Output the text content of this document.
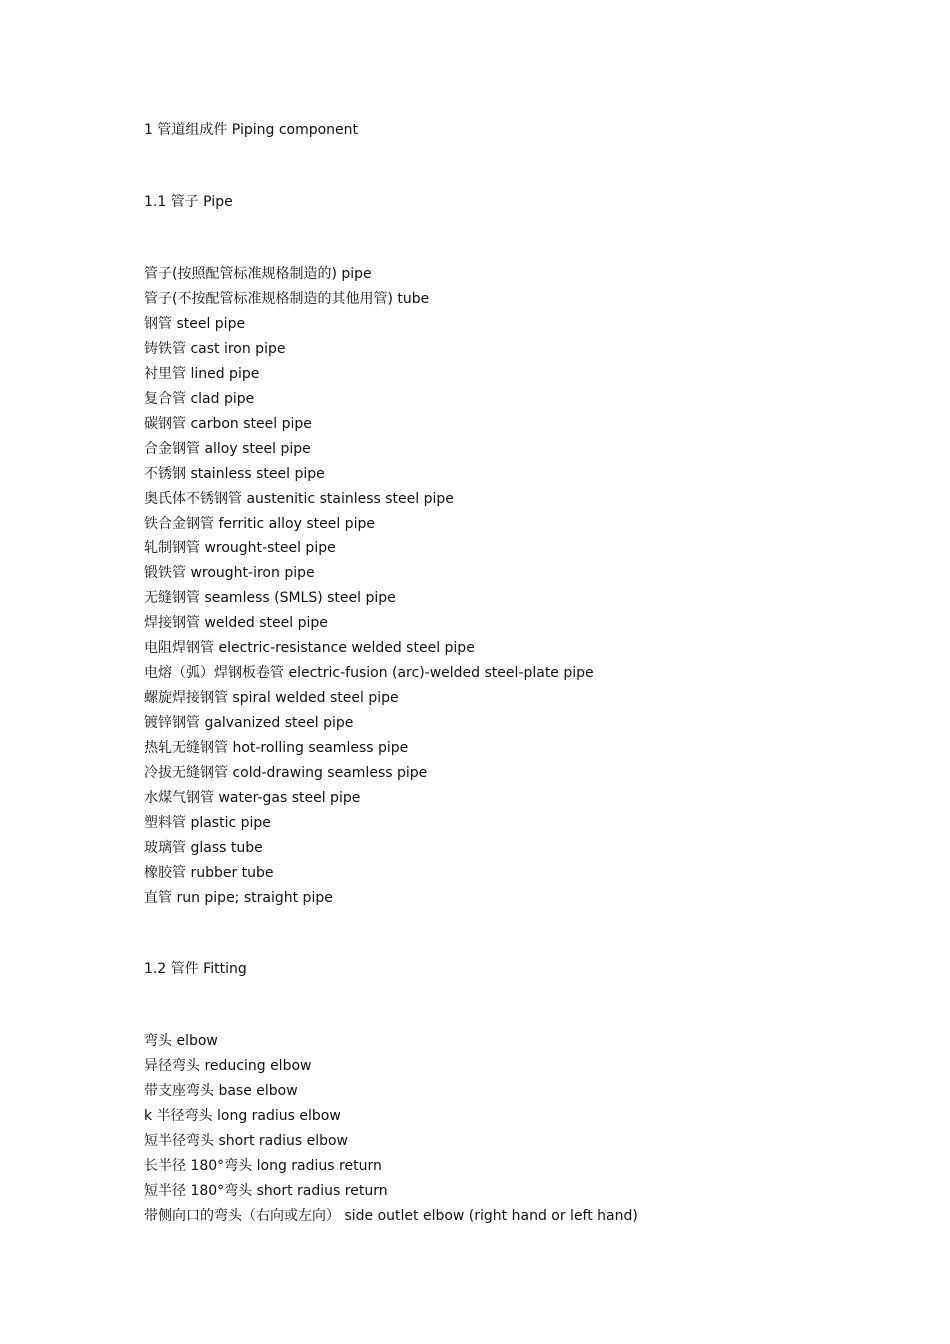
1 管道组成件 Piping component
1.1 管子 Pipe
管子(按照配管标准规格制造的) pipe
管子(不按配管标准规格制造的其他用管) tube
钢管 steel pipe
铸铁管 cast iron pipe
衬里管 lined pipe
复合管 clad pipe
碳钢管 carbon steel pipe
合金钢管 alloy steel pipe
不锈钢 stainless steel pipe
奥氏体不锈钢管 austenitic stainless steel pipe
铁合金钢管 ferritic alloy steel pipe
轧制钢管 wrought-steel pipe
锻铁管 wrought-iron pipe
无缝钢管 seamless (SMLS) steel pipe
焊接钢管 welded steel pipe
电阻焊钢管 electric-resistance welded steel pipe
电熔（弧）焊钢板卷管 electric-fusion (arc)-welded steel-plate pipe
螺旋焊接钢管 spiral welded steel pipe
镀锌钢管 galvanized steel pipe
热轧无缝钢管 hot-rolling seamless pipe
冷拔无缝钢管 cold-drawing seamless pipe
水煤气钢管 water-gas steel pipe
塑料管 plastic pipe
玻璃管 glass tube
橡胶管 rubber tube
直管 run pipe; straight pipe
1.2 管件 Fitting
弯头 elbow
异径弯头 reducing elbow
带支座弯头 base elbow
k 半径弯头 long radius elbow
短半径弯头 short radius elbow
长半径 180°弯头 long radius return
短半径 180°弯头 short radius return
带侧向口的弯头（右向或左向） side outlet elbow (right hand or left hand)
